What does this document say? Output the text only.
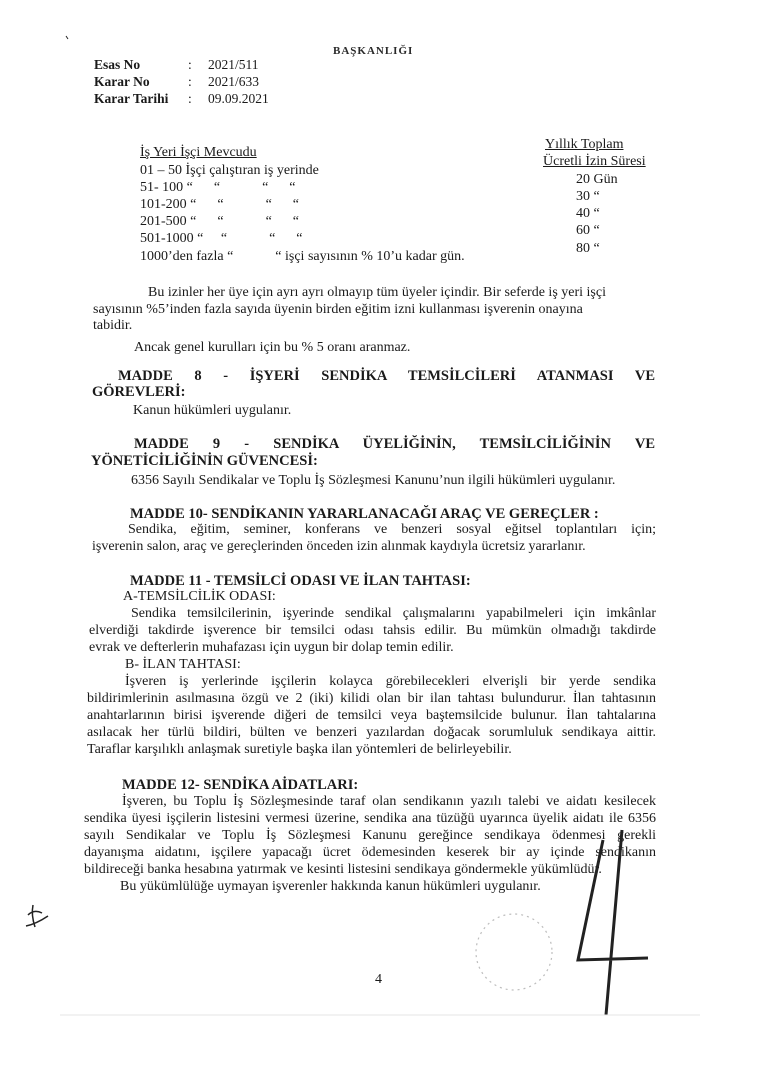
BAŞKANLIĞI
Esas No	: 2021/511
Karar No	: 2021/633
Karar Tarihi : 09.09.2021
İş Yeri İşçi Mevcudu
Yıllık Toplam
Ücretli İzin Süresi
01 – 50 İşçi çalıştıran iş yerinde
20 Gün
51- 100 “      “            “      “
30 “
101-200 “      “            “      “
40 “
201-500 “      “            “      “
60 “
501-1000 “     “            “      “
80 “
1000’den fazla “            “ işçi sayısının % 10’u kadar gün.
Bu izinler her üye için ayrı ayrı olmayıp tüm üyeler içindir. Bir seferde iş yeri işçi
sayısının %5’inden fazla sayıda üyenin birden eğitim izni kullanması işverenin onayına
tabidir.
Ancak genel kurulları için bu % 5 oranı aranmaz.
MADDE 8 - İŞYERİ SENDİKA TEMSİLCİLERİ ATANMASI VE
GÖREVLERİ:
Kanun hükümleri uygulanır.
MADDE 9 - SENDİKA ÜYELİĞİNİN, TEMSİLCİLİĞİNİN VE
YÖNETİCİLİĞİNİN GÜVENCESİ:
6356 Sayılı Sendikalar ve Toplu İş Sözleşmesi Kanunu’nun ilgili hükümleri uygulanır.
MADDE 10- SENDİKANIN YARARLANACAĞI ARAÇ VE GEREÇLER :
Sendika, eğitim, seminer, konferans ve benzeri sosyal eğitsel toplantıları için;
işverenin salon, araç ve gereçlerinden önceden izin alınmak kaydıyla ücretsiz yararlanır.
MADDE 11 - TEMSİLCİ ODASI VE İLAN TAHTASI:
A-TEMSİLCİLİK ODASI:
Sendika temsilcilerinin, işyerinde sendikal çalışmalarını yapabilmeleri için imkânlar
elverdiği takdirde işverence bir temsilci odası tahsis edilir. Bu mümkün olmadığı takdirde
evrak ve defterlerin muhafazası için uygun bir dolap temin edilir.
B- İLAN TAHTASI:
İşveren iş yerlerinde işçilerin kolayca görebilecekleri elverişli bir yerde sendika
bildirimlerinin asılmasına özgü ve 2 (iki) kilidi olan bir ilan tahtası bulundurur. İlan tahtasının
anahtarlarının birisi işverende diğeri de temsilci veya baştemsilcide bulunur. İlan tahtalarına
asılacak her türlü bildiri, bülten ve benzeri yazılardan doğacak sorumluluk sendikaya aittir.
Taraflar karşılıklı anlaşmak suretiyle başka ilan yöntemleri de belirleyebilir.
MADDE 12- SENDİKA AİDATLARI:
İşveren, bu Toplu İş Sözleşmesinde taraf olan sendikanın yazılı talebi ve aidatı kesilecek
sendika üyesi işçilerin listesini vermesi üzerine, sendika ana tüzüğü uyarınca üyelik aidatı ile 6356
sayılı Sendikalar ve Toplu İş Sözleşmesi Kanunu gereğince sendikaya ödenmesi gerekli
dayanışma aidatını, işçilere yapacağı ücret ödemesinden keserek bir ay içinde sendikanın
bildireceği banka hesabına yatırmak ve kesinti listesini sendikaya göndermekle yükümlüdür.
Bu yükümlülüğe uymayan işverenler hakkında kanun hükümleri uygulanır.
4
